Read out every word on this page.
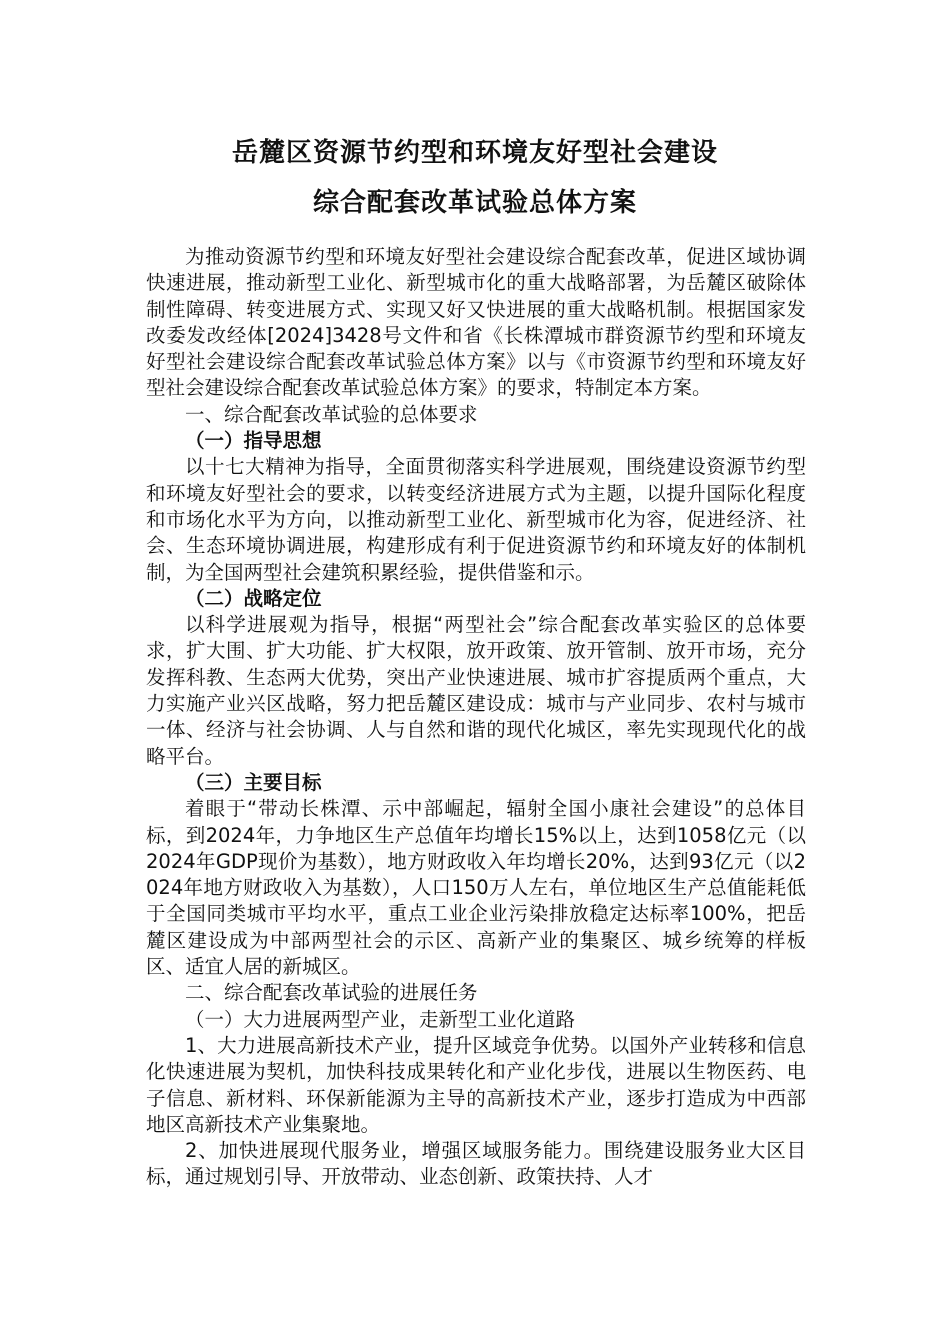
岳麓区资源节约型和环境友好型社会建设
综合配套改革试验总体方案

为推动资源节约型和环境友好型社会建设综合配套改革，促进区域协调快速进展，推动新型工业化、新型城市化的重大战略部署，为岳麓区破除体制性障碍、转变进展方式、实现又好又快进展的重大战略机制。根据国家发改委发改经体[2024]3428号文件和省《长株潭城市群资源节约型和环境友好型社会建设综合配套改革试验总体方案》以与《市资源节约型和环境友好型社会建设综合配套改革试验总体方案》的要求，特制定本方案。

一、综合配套改革试验的总体要求

（一）指导思想

以十七大精神为指导，全面贯彻落实科学进展观，围绕建设资源节约型和环境友好型社会的要求，以转变经济进展方式为主题，以提升国际化程度和市场化水平为方向，以推动新型工业化、新型城市化为容，促进经济、社会、生态环境协调进展，构建形成有利于促进资源节约和环境友好的体制机制，为全国两型社会建筑积累经验，提供借鉴和示。

（二）战略定位

以科学进展观为指导，根据“两型社会”综合配套改革实验区的总体要求，扩大围、扩大功能、扩大权限，放开政策、放开管制、放开市场，充分发挥科教、生态两大优势，突出产业快速进展、城市扩容提质两个重点，大力实施产业兴区战略，努力把岳麓区建设成：城市与产业同步、农村与城市一体、经济与社会协调、人与自然和谐的现代化城区，率先实现现代化的战略平台。

（三）主要目标

着眼于“带动长株潭、示中部崛起，辐射全国小康社会建设”的总体目标，到2024年，力争地区生产总值年均增长15%以上，达到1058亿元（以2024年GDP现价为基数），地方财政收入年均增长20%，达到93亿元（以2024年地方财政收入为基数），人口150万人左右，单位地区生产总值能耗低于全国同类城市平均水平，重点工业企业污染排放稳定达标率100%，把岳麓区建设成为中部两型社会的示区、高新产业的集聚区、城乡统筹的样板区、适宜人居的新城区。

二、综合配套改革试验的进展任务

（一）大力进展两型产业，走新型工业化道路

1、大力进展高新技术产业，提升区域竞争优势。以国外产业转移和信息化快速进展为契机，加快科技成果转化和产业化步伐，进展以生物医药、电子信息、新材料、环保新能源为主导的高新技术产业，逐步打造成为中西部地区高新技术产业集聚地。

2、加快进展现代服务业，增强区域服务能力。围绕建设服务业大区目标，通过规划引导、开放带动、业态创新、政策扶持、人才
